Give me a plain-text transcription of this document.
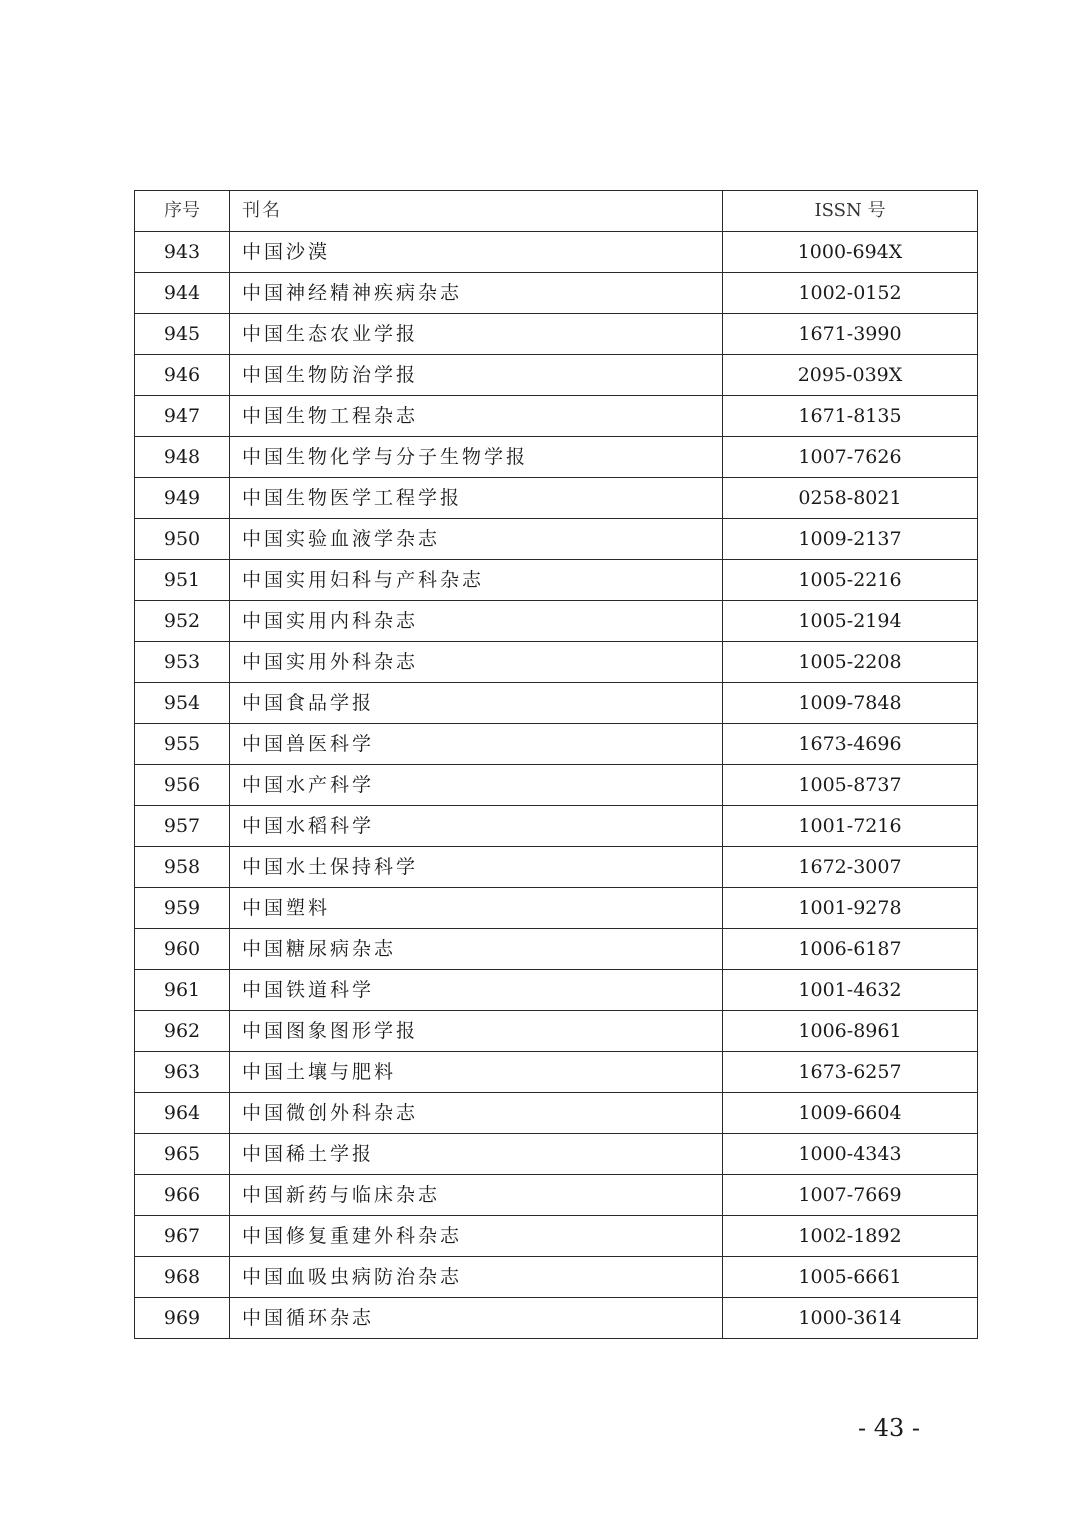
序号	刊名	ISSN 号
943	中国沙漠	1000-694X
944	中国神经精神疾病杂志	1002-0152
945	中国生态农业学报	1671-3990
946	中国生物防治学报	2095-039X
947	中国生物工程杂志	1671-8135
948	中国生物化学与分子生物学报	1007-7626
949	中国生物医学工程学报	0258-8021
950	中国实验血液学杂志	1009-2137
951	中国实用妇科与产科杂志	1005-2216
952	中国实用内科杂志	1005-2194
953	中国实用外科杂志	1005-2208
954	中国食品学报	1009-7848
955	中国兽医科学	1673-4696
956	中国水产科学	1005-8737
957	中国水稻科学	1001-7216
958	中国水土保持科学	1672-3007
959	中国塑料	1001-9278
960	中国糖尿病杂志	1006-6187
961	中国铁道科学	1001-4632
962	中国图象图形学报	1006-8961
963	中国土壤与肥料	1673-6257
964	中国微创外科杂志	1009-6604
965	中国稀土学报	1000-4343
966	中国新药与临床杂志	1007-7669
967	中国修复重建外科杂志	1002-1892
968	中国血吸虫病防治杂志	1005-6661
969	中国循环杂志	1000-3614
- 43 -
